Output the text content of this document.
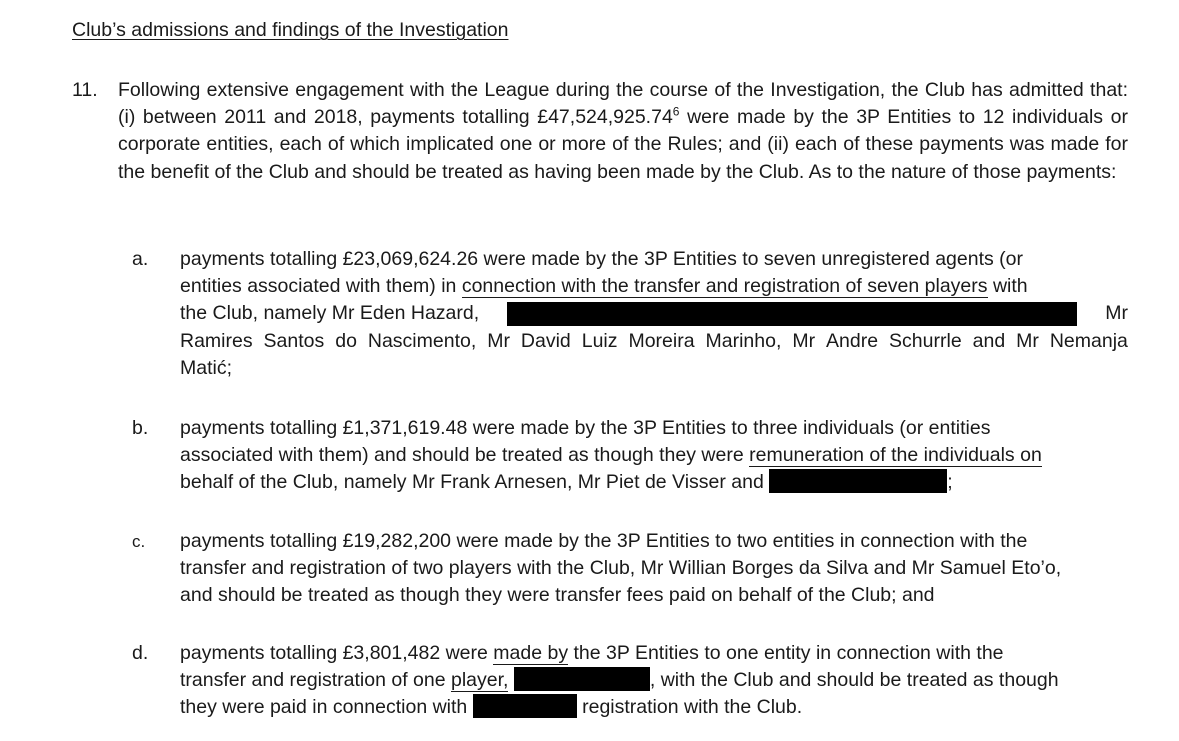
Club’s admissions and findings of the Investigation
11. Following extensive engagement with the League during the course of the Investigation, the Club has admitted that: (i) between 2011 and 2018, payments totalling £47,524,925.74$^6$ were made by the 3P Entities to 12 individuals or corporate entities, each of which implicated one or more of the Rules; and (ii) each of these payments was made for the benefit of the Club and should be treated as having been made by the Club. As to the nature of those payments:
a. payments totalling £23,069,624.26 were made by the 3P Entities to seven unregistered agents (or
entities associated with them) in connection with the transfer and registration of seven players with
the Club, namely Mr Eden Hazard,	Mr
Ramires Santos do Nascimento, Mr David Luiz Moreira Marinho, Mr Andre Schurrle and Mr Nemanja
Matić;
b. payments totalling £1,371,619.48 were made by the 3P Entities to three individuals (or entities
associated with them) and should be treated as though they were remuneration of the individuals on
behalf of the Club, namely Mr Frank Arnesen, Mr Piet de Visser and	;
c. payments totalling £19,282,200 were made by the 3P Entities to two entities in connection with the
transfer and registration of two players with the Club, Mr Willian Borges da Silva and Mr Samuel Eto’o,
and should be treated as though they were transfer fees paid on behalf of the Club; and
d. payments totalling £3,801,482 were made by the 3P Entities to one entity in connection with the
transfer and registration of one player,	, with the Club and should be treated as though
they were paid in connection with	registration with the Club.
